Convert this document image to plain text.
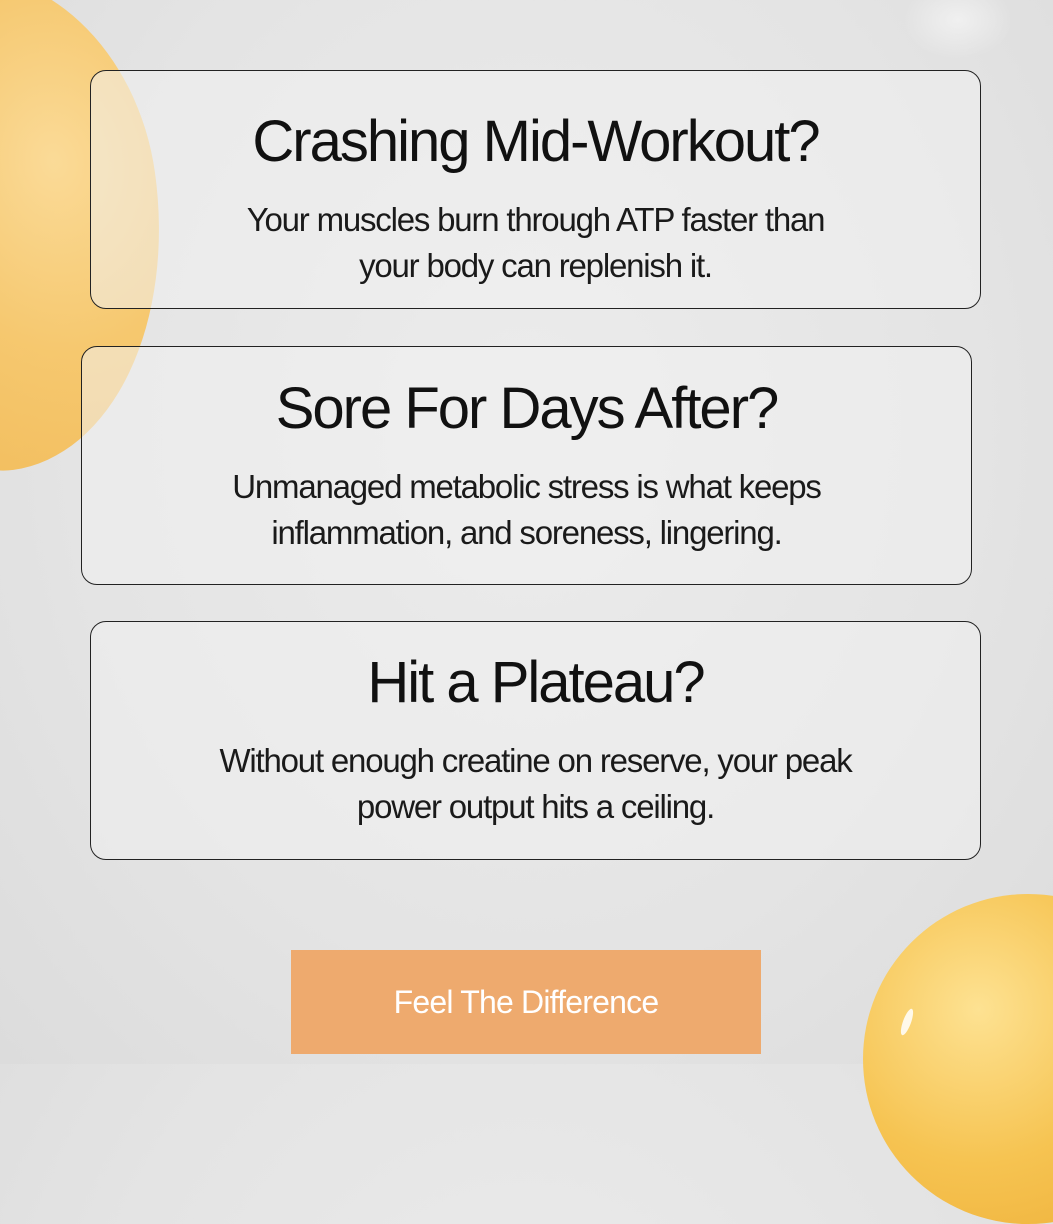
Crashing Mid-Workout?

Your muscles burn through ATP faster than your body can replenish it.

Sore For Days After?

Unmanaged metabolic stress is what keeps inflammation, and soreness, lingering.

Hit a Plateau?

Without enough creatine on reserve, your peak power output hits a ceiling.

Feel The Difference
